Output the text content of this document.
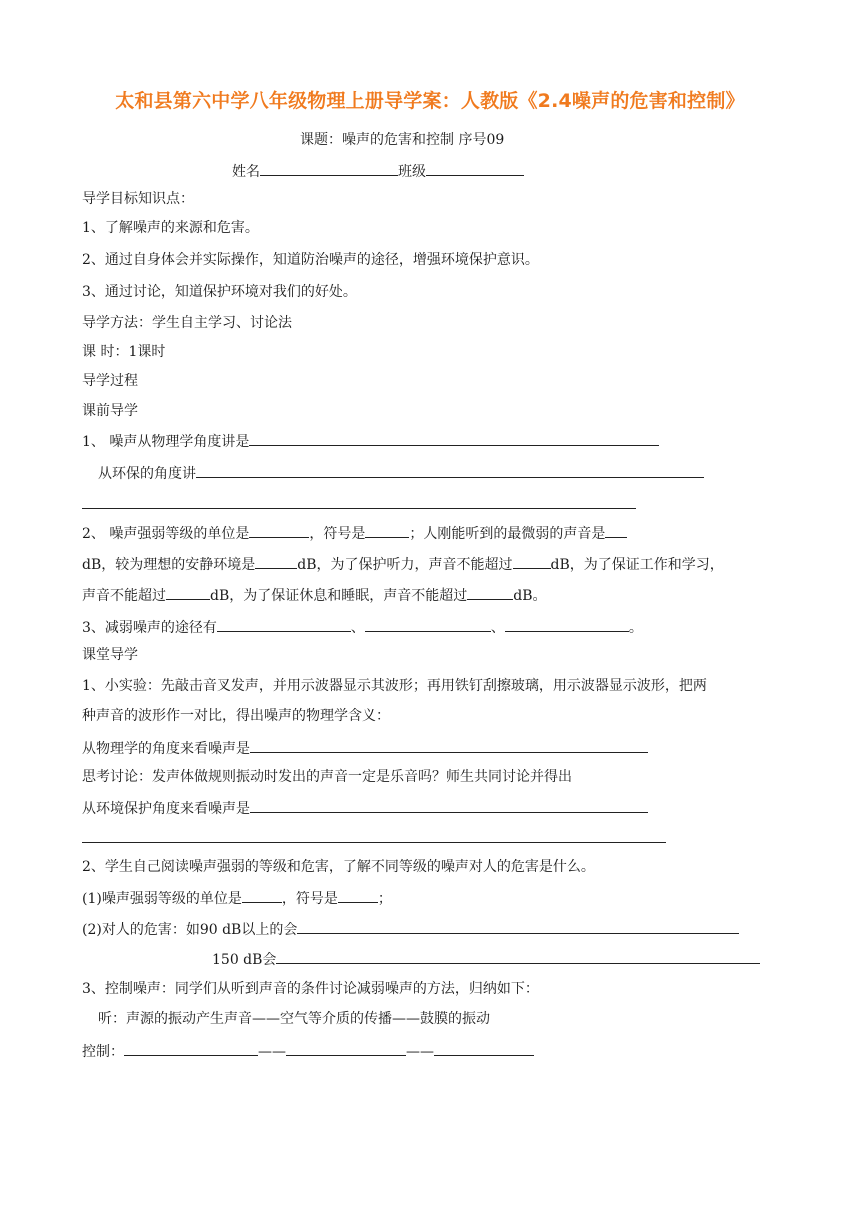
太和县第六中学八年级物理上册导学案：人教版《2.4噪声的危害和控制》
课题：噪声的危害和控制 序号09
姓名	班级
导学目标知识点：
1、了解噪声的来源和危害。
2、通过自身体会并实际操作，知道防治噪声的途径，增强环境保护意识。
3、通过讨论，知道保护环境对我们的好处。
导学方法：学生自主学习、讨论法
课 时：1课时
导学过程
课前导学
1、 噪声从物理学角度讲是
从环保的角度讲
2、 噪声强弱等级的单位是	，符号是	；人刚能听到的最微弱的声音是
dB，较为理想的安静环境是	dB，为了保护听力，声音不能超过	dB，为了保证工作和学习，
声音不能超过	dB，为了保证休息和睡眠，声音不能超过	dB。
3、减弱噪声的途径有	、	、	。
课堂导学
1、小实验：先敲击音叉发声，并用示波器显示其波形；再用铁钉刮擦玻璃，用示波器显示波形，把两
种声音的波形作一对比，得出噪声的物理学含义：
从物理学的角度来看噪声是
思考讨论：发声体做规则振动时发出的声音一定是乐音吗？师生共同讨论并得出
从环境保护角度来看噪声是
2、学生自己阅读噪声强弱的等级和危害，了解不同等级的噪声对人的危害是什么。
(1)噪声强弱等级的单位是	，符号是	；
(2)对人的危害：如90 dB以上的会
150 dB会
3、控制噪声：同学们从听到声音的条件讨论减弱噪声的方法，归纳如下：
听：声源的振动产生声音——空气等介质的传播——鼓膜的振动
控制：	——	——
